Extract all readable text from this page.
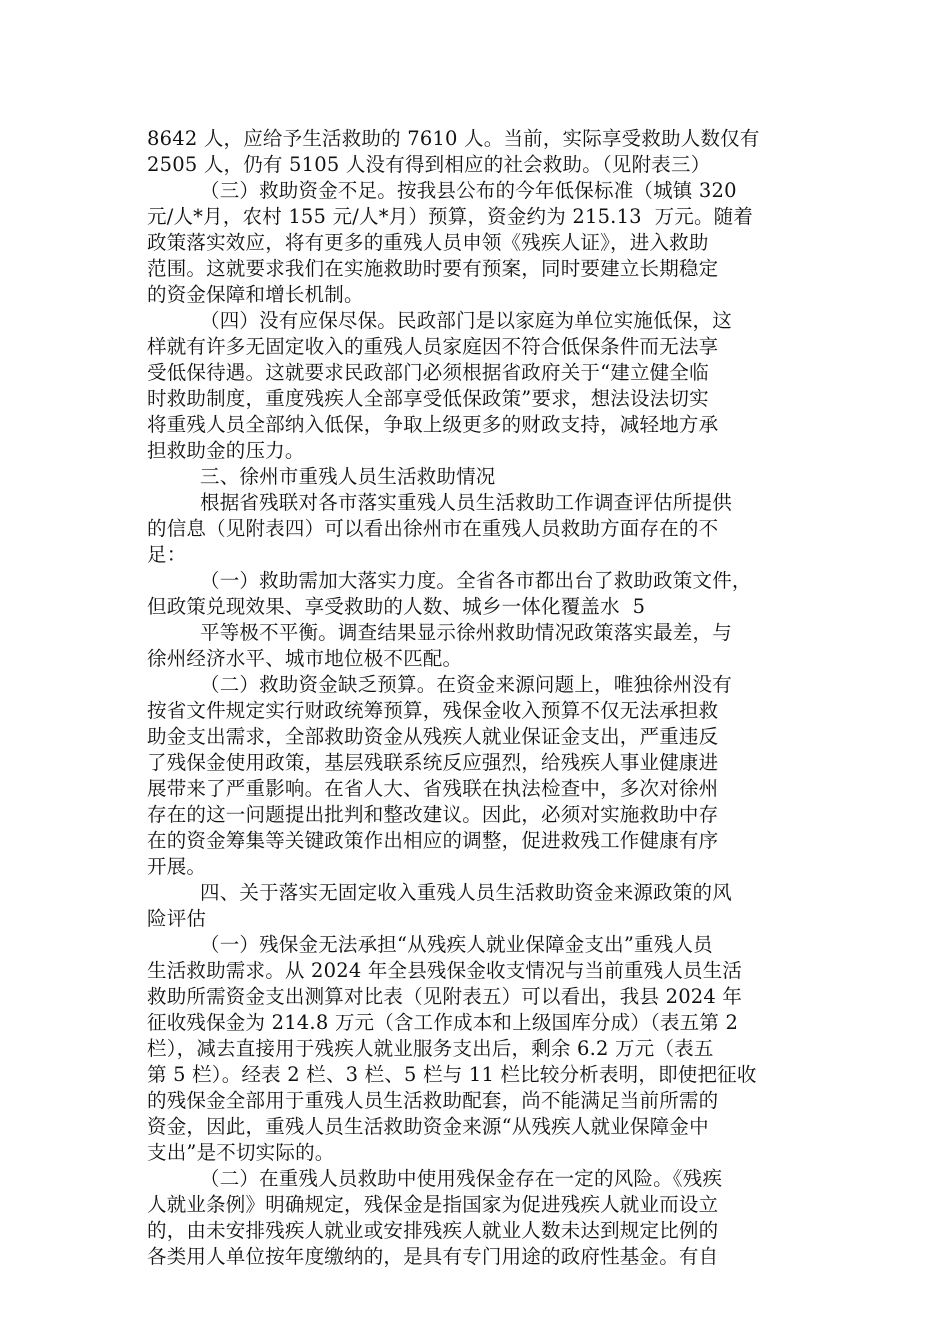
8642 人，应给予生活救助的 7610 人。当前，实际享受救助人数仅有
2505 人，仍有 5105 人没有得到相应的社会救助。（见附表三）
（三）救助资金不足。按我县公布的今年低保标准（城镇 320
元/人*月，农村 155 元/人*月）预算，资金约为 215.13  万元。随着
政策落实效应，将有更多的重残人员申领《残疾人证》，进入救助
范围。这就要求我们在实施救助时要有预案，同时要建立长期稳定
的资金保障和增长机制。
（四）没有应保尽保。民政部门是以家庭为单位实施低保，这
样就有许多无固定收入的重残人员家庭因不符合低保条件而无法享
受低保待遇。这就要求民政部门必须根据省政府关于“建立健全临
时救助制度，重度残疾人全部享受低保政策”要求，想法设法切实
将重残人员全部纳入低保，争取上级更多的财政支持，减轻地方承
担救助金的压力。
三、徐州市重残人员生活救助情况
根据省残联对各市落实重残人员生活救助工作调查评估所提供
的信息（见附表四）可以看出徐州市在重残人员救助方面存在的不
足：
（一）救助需加大落实力度。全省各市都出台了救助政策文件，
但政策兑现效果、享受救助的人数、城乡一体化覆盖水  5
平等极不平衡。调查结果显示徐州救助情况政策落实最差，与
徐州经济水平、城市地位极不匹配。
（二）救助资金缺乏预算。在资金来源问题上，唯独徐州没有
按省文件规定实行财政统筹预算，残保金收入预算不仅无法承担救
助金支出需求，全部救助资金从残疾人就业保证金支出，严重违反
了残保金使用政策，基层残联系统反应强烈，给残疾人事业健康进
展带来了严重影响。在省人大、省残联在执法检查中，多次对徐州
存在的这一问题提出批判和整改建议。因此，必须对实施救助中存
在的资金筹集等关键政策作出相应的调整，促进救残工作健康有序
开展。
四、关于落实无固定收入重残人员生活救助资金来源政策的风
险评估
（一）残保金无法承担“从残疾人就业保障金支出”重残人员
生活救助需求。从 2024 年全县残保金收支情况与当前重残人员生活
救助所需资金支出测算对比表（见附表五）可以看出，我县 2024 年
征收残保金为 214.8 万元（含工作成本和上级国库分成）（表五第 2
栏），减去直接用于残疾人就业服务支出后，剩余 6.2 万元（表五
第 5 栏）。经表 2 栏、3 栏、5 栏与 11 栏比较分析表明，即使把征收
的残保金全部用于重残人员生活救助配套，尚不能满足当前所需的
资金，因此，重残人员生活救助资金来源“从残疾人就业保障金中
支出”是不切实际的。
（二）在重残人员救助中使用残保金存在一定的风险。《残疾
人就业条例》明确规定，残保金是指国家为促进残疾人就业而设立
的，由未安排残疾人就业或安排残疾人就业人数未达到规定比例的
各类用人单位按年度缴纳的，是具有专门用途的政府性基金。有自
